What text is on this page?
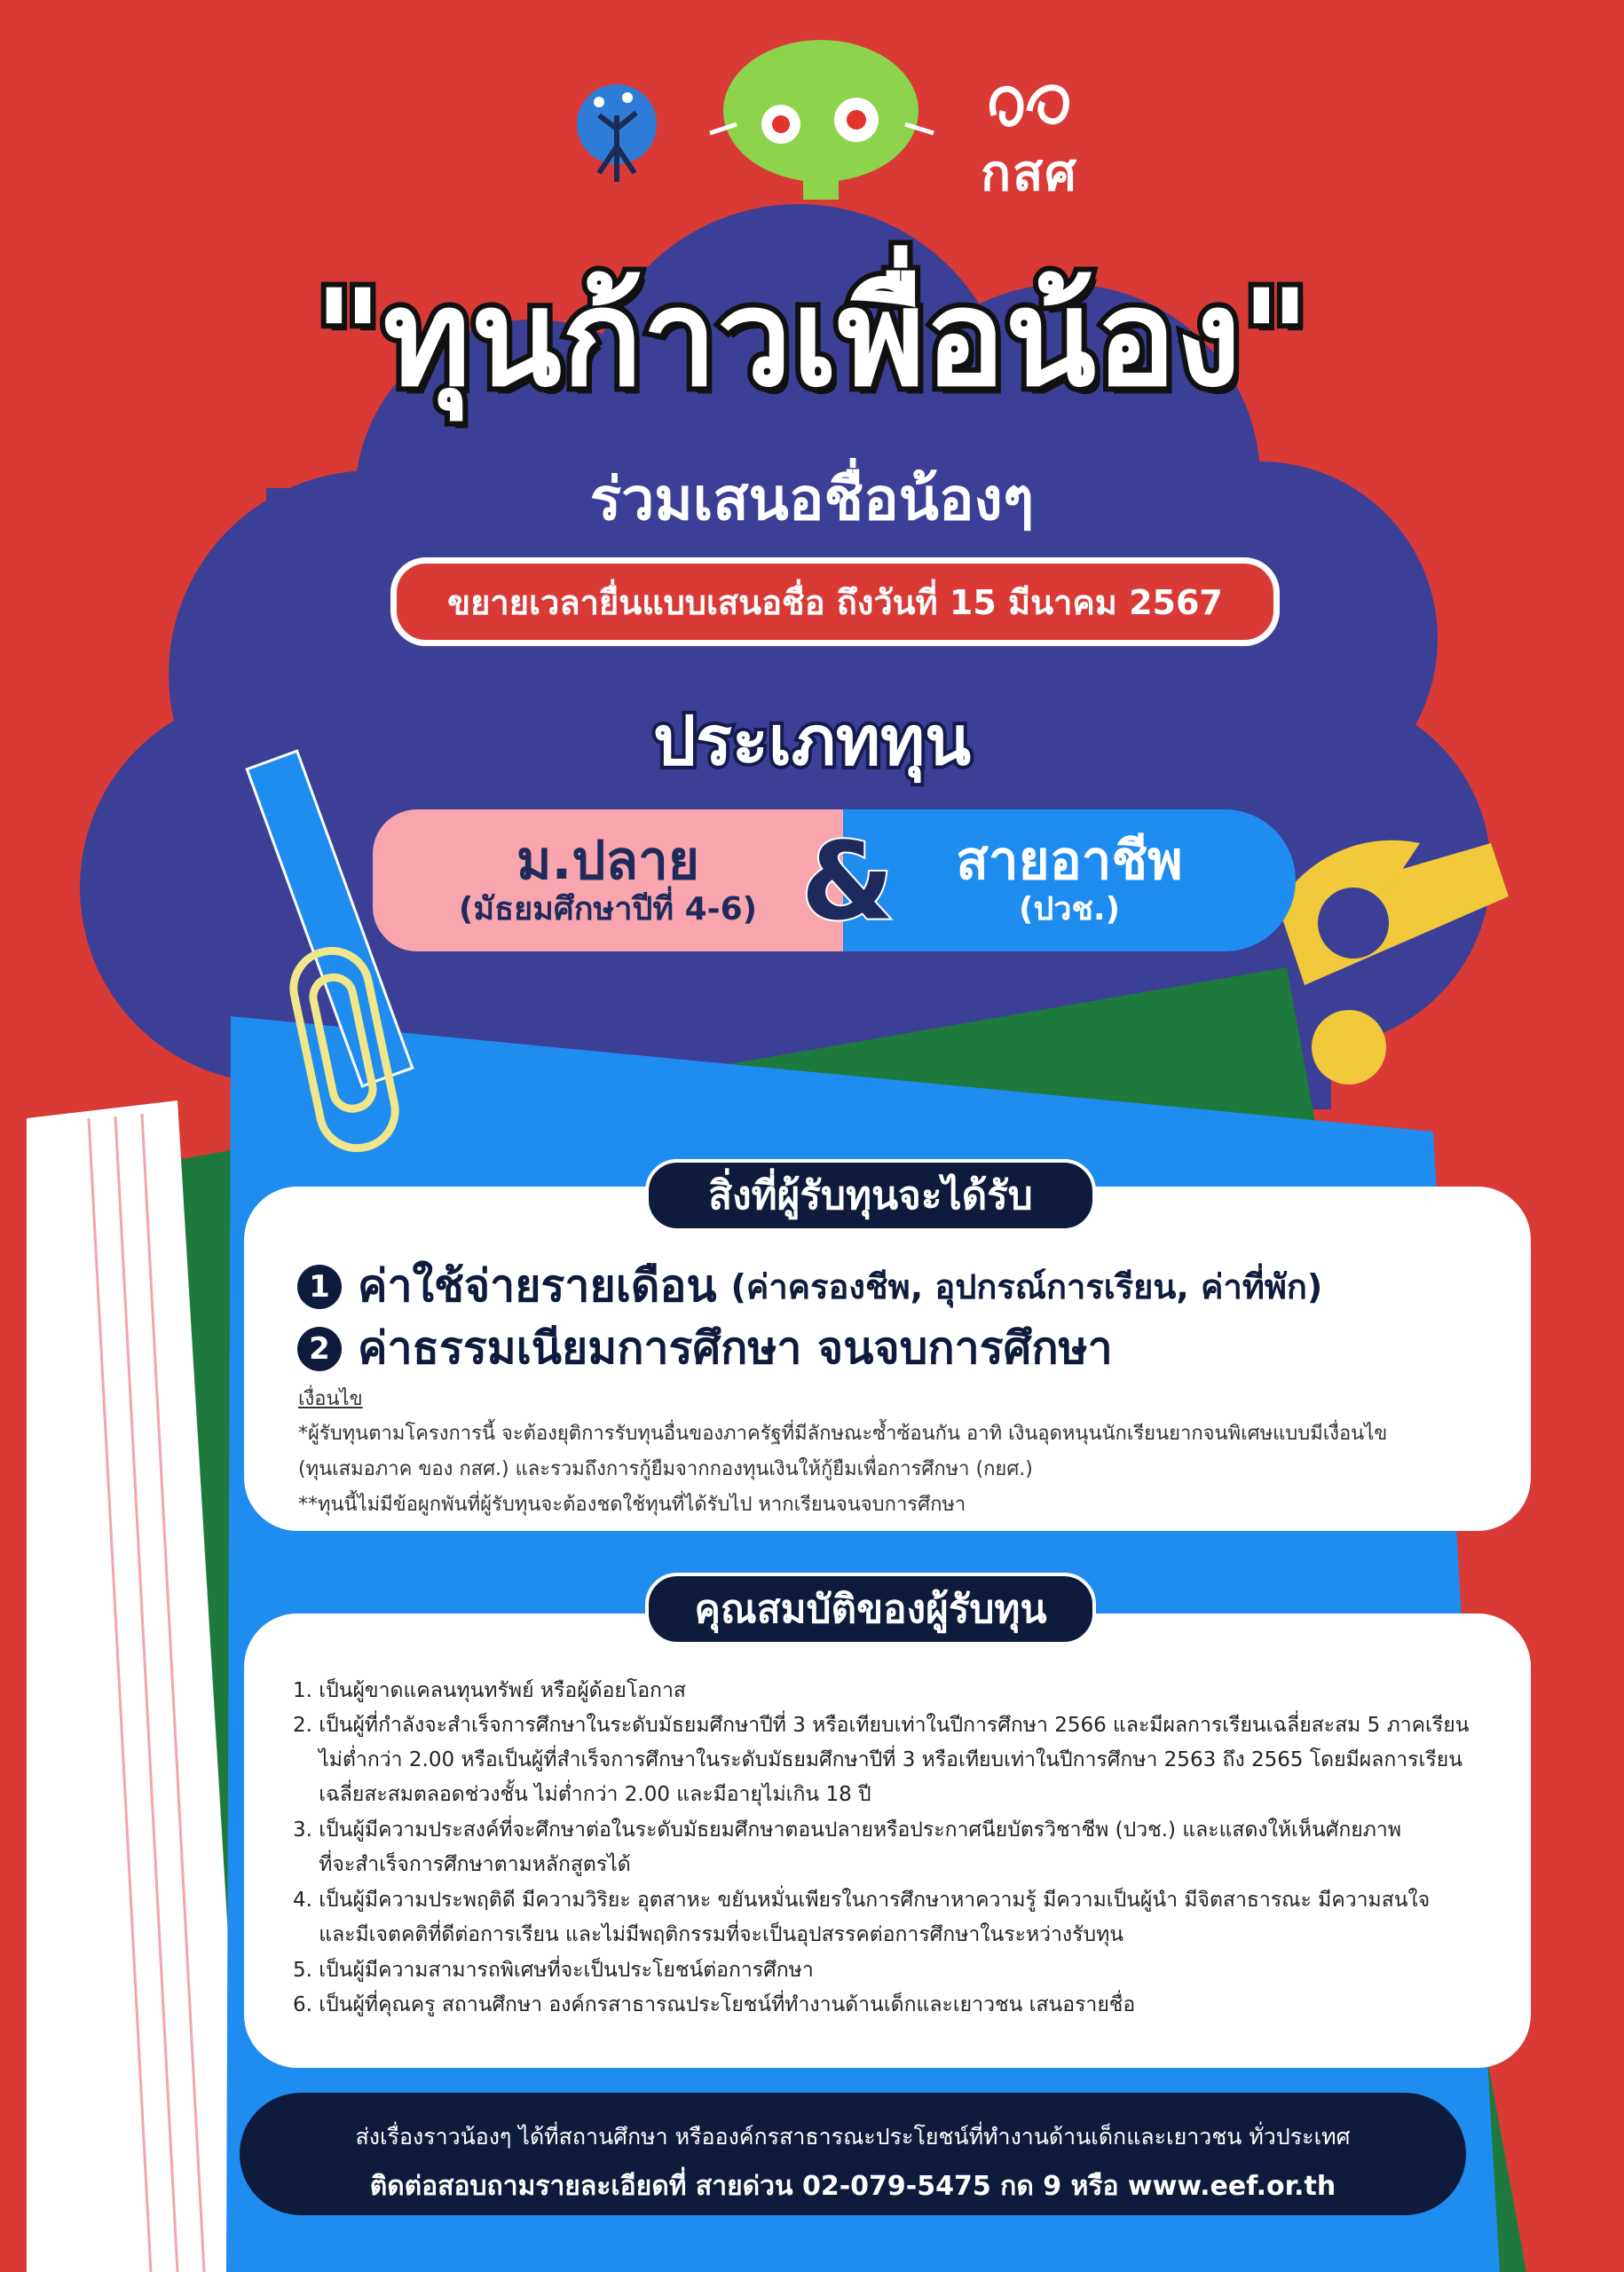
กสศ
"ทุนก้าวเพื่อน้อง"
ร่วมเสนอชื่อน้องๆ
ขยายเวลายื่นแบบเสนอชื่อ ถึงวันที่ 15 มีนาคม 2567
ประเภททุน
ม.ปลาย
(มัธยมศึกษาปีที่ 4-6)
สายอาชีพ
(ปวช.)
&
สิ่งที่ผู้รับทุนจะได้รับ
1 ค่าใช้จ่ายรายเดือน (ค่าครองชีพ, อุปกรณ์การเรียน, ค่าที่พัก)
2 ค่าธรรมเนียมการศึกษา จนจบการศึกษา
เงื่อนไข
*ผู้รับทุนตามโครงการนี้ จะต้องยุติการรับทุนอื่นของภาครัฐที่มีลักษณะซ้ำซ้อนกัน อาทิ เงินอุดหนุนนักเรียนยากจนพิเศษแบบมีเงื่อนไข
(ทุนเสมอภาค ของ กสศ.) และรวมถึงการกู้ยืมจากกองทุนเงินให้กู้ยืมเพื่อการศึกษา (กยศ.)
**ทุนนี้ไม่มีข้อผูกพันที่ผู้รับทุนจะต้องชดใช้ทุนที่ได้รับไป หากเรียนจนจบการศึกษา
คุณสมบัติของผู้รับทุน
1. เป็นผู้ขาดแคลนทุนทรัพย์ หรือผู้ด้อยโอกาส
2. เป็นผู้ที่กำลังจะสำเร็จการศึกษาในระดับมัธยมศึกษาปีที่ 3 หรือเทียบเท่าในปีการศึกษา 2566 และมีผลการเรียนเฉลี่ยสะสม 5 ภาคเรียน
ไม่ต่ำกว่า 2.00 หรือเป็นผู้ที่สำเร็จการศึกษาในระดับมัธยมศึกษาปีที่ 3 หรือเทียบเท่าในปีการศึกษา 2563 ถึง 2565 โดยมีผลการเรียน
เฉลี่ยสะสมตลอดช่วงชั้น ไม่ต่ำกว่า 2.00 และมีอายุไม่เกิน 18 ปี
3. เป็นผู้มีความประสงค์ที่จะศึกษาต่อในระดับมัธยมศึกษาตอนปลายหรือประกาศนียบัตรวิชาชีพ (ปวช.) และแสดงให้เห็นศักยภาพ
ที่จะสำเร็จการศึกษาตามหลักสูตรได้
4. เป็นผู้มีความประพฤติดี มีความวิริยะ อุตสาหะ ขยันหมั่นเพียรในการศึกษาหาความรู้ มีความเป็นผู้นำ มีจิตสาธารณะ มีความสนใจ
และมีเจตคติที่ดีต่อการเรียน และไม่มีพฤติกรรมที่จะเป็นอุปสรรคต่อการศึกษาในระหว่างรับทุน
5. เป็นผู้มีความสามารถพิเศษที่จะเป็นประโยชน์ต่อการศึกษา
6. เป็นผู้ที่คุณครู สถานศึกษา องค์กรสาธารณประโยชน์ที่ทำงานด้านเด็กและเยาวชน เสนอรายชื่อ
ส่งเรื่องราวน้องๆ ได้ที่สถานศึกษา หรือองค์กรสาธารณะประโยชน์ที่ทำงานด้านเด็กและเยาวชน ทั่วประเทศ
ติดต่อสอบถามรายละเอียดที่ สายด่วน 02-079-5475 กด 9 หรือ www.eef.or.th
